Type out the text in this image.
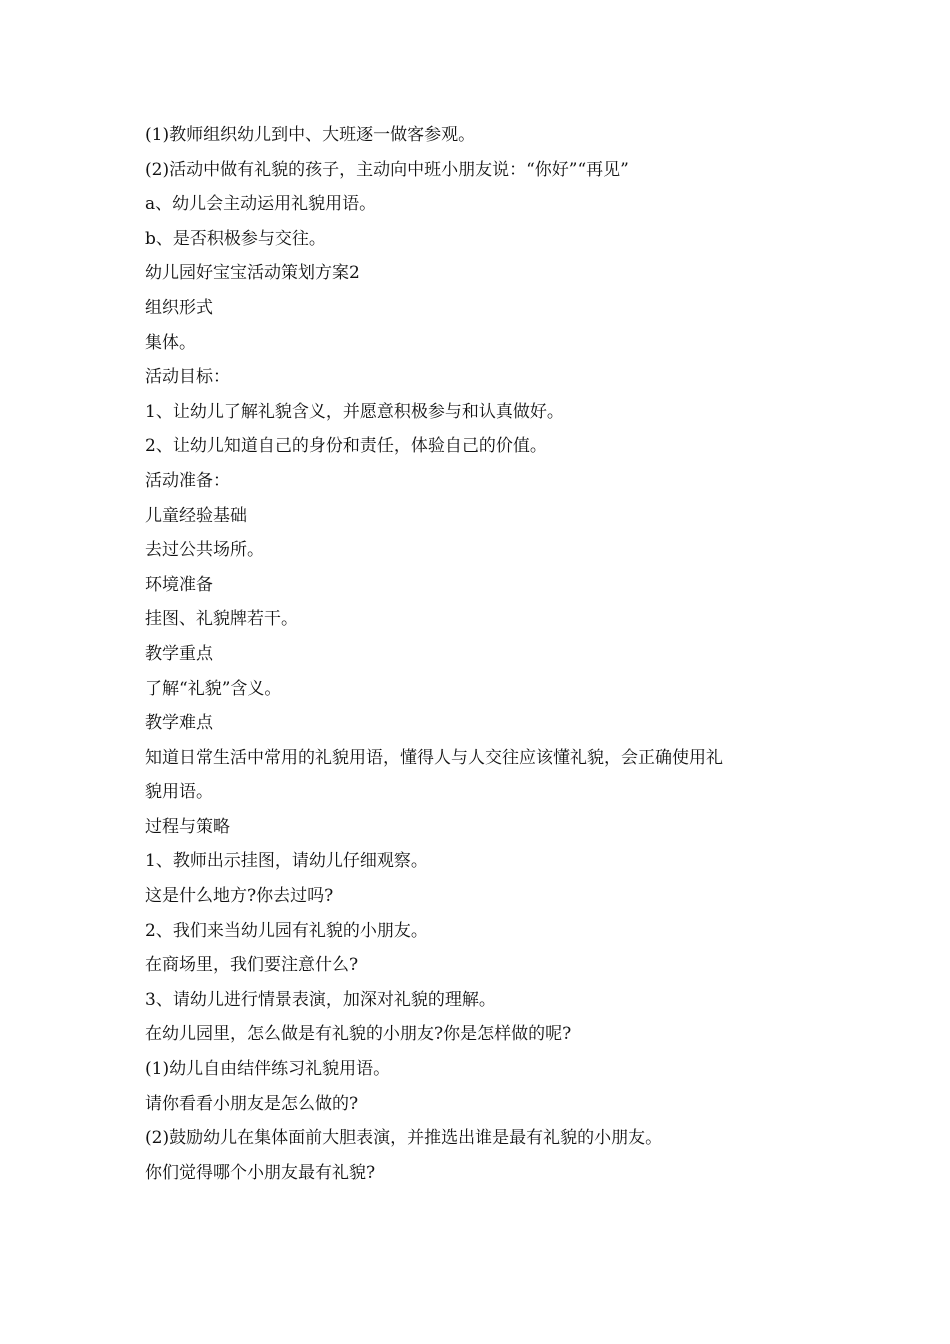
(1)教师组织幼儿到中、大班逐一做客参观。

(2)活动中做有礼貌的孩子，主动向中班小朋友说：“你好”“再见”

a、幼儿会主动运用礼貌用语。

b、是否积极参与交往。

幼儿园好宝宝活动策划方案2

组织形式

集体。

活动目标：

1、让幼儿了解礼貌含义，并愿意积极参与和认真做好。

2、让幼儿知道自己的身份和责任，体验自己的价值。

活动准备：

儿童经验基础

去过公共场所。

环境准备

挂图、礼貌牌若干。

教学重点

了解“礼貌”含义。

教学难点

知道日常生活中常用的礼貌用语，懂得人与人交往应该懂礼貌，会正确使用礼

貌用语。

过程与策略

1、教师出示挂图，请幼儿仔细观察。

这是什么地方?你去过吗?

2、我们来当幼儿园有礼貌的小朋友。

在商场里，我们要注意什么?

3、请幼儿进行情景表演，加深对礼貌的理解。

在幼儿园里，怎么做是有礼貌的小朋友?你是怎样做的呢?

(1)幼儿自由结伴练习礼貌用语。

请你看看小朋友是怎么做的?

(2)鼓励幼儿在集体面前大胆表演，并推选出谁是最有礼貌的小朋友。

你们觉得哪个小朋友最有礼貌?
